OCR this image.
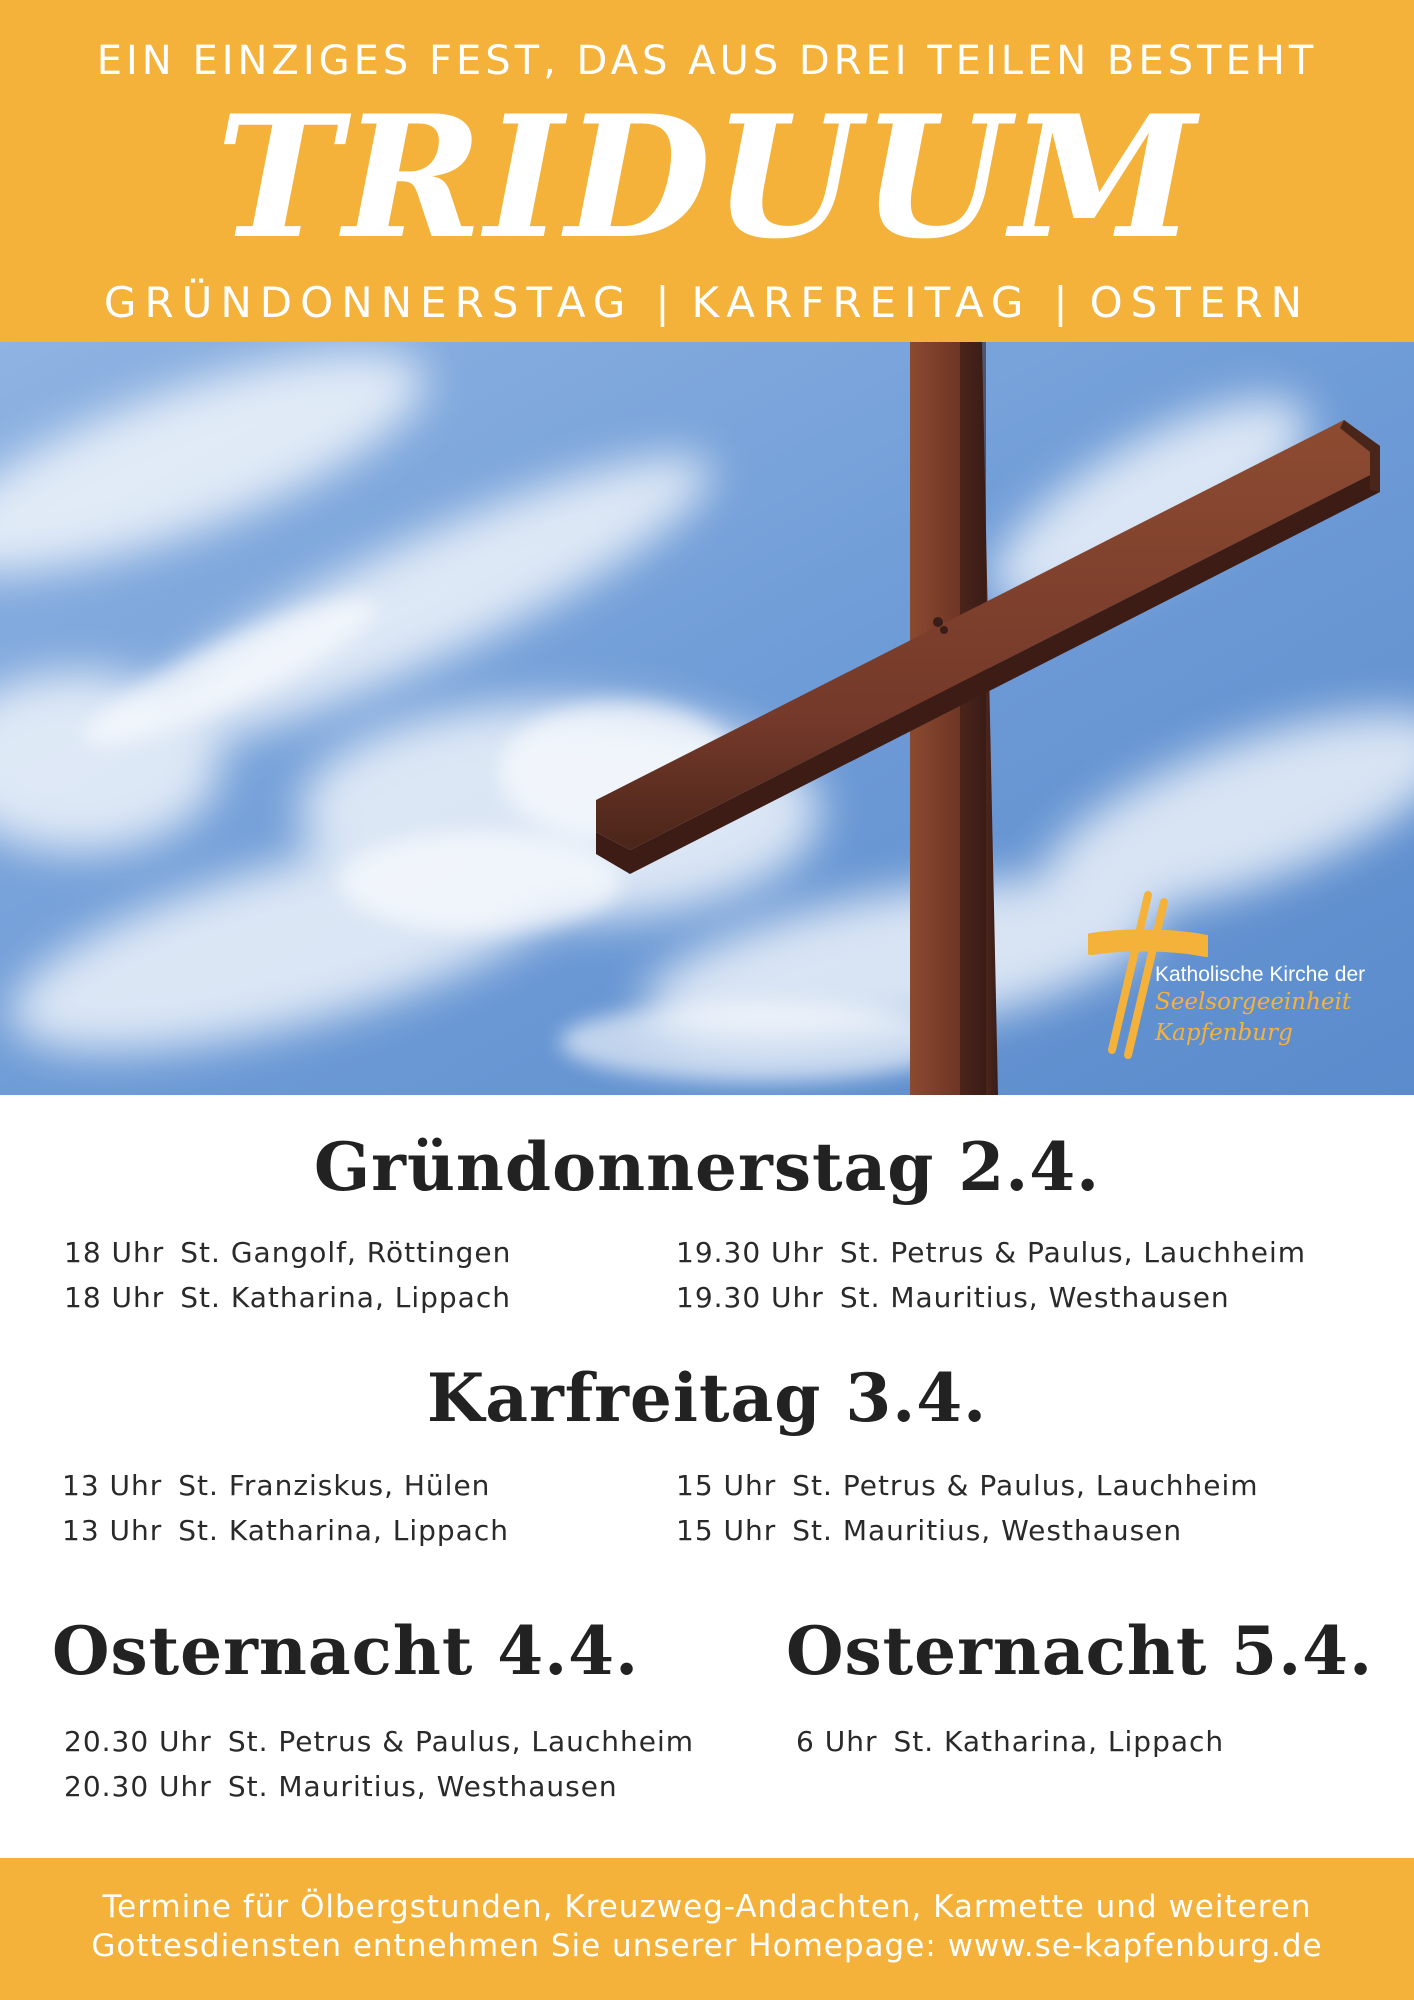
EIN EINZIGES FEST, DAS AUS DREI TEILEN BESTEHT
TRIDUUM
GRÜNDONNERSTAG | KARFREITAG | OSTERN
Katholische Kirche der
Seelsorgeeinheit
Kapfenburg
Gründonnerstag 2.4.
18 Uhr St. Gangolf, Röttingen
18 Uhr St. Katharina, Lippach
19.30 Uhr St. Petrus & Paulus, Lauchheim
19.30 Uhr St. Mauritius, Westhausen
Karfreitag 3.4.
13 Uhr St. Franziskus, Hülen
13 Uhr St. Katharina, Lippach
15 Uhr St. Petrus & Paulus, Lauchheim
15 Uhr St. Mauritius, Westhausen
Osternacht 4.4. Osternacht 5.4.
20.30 Uhr St. Petrus & Paulus, Lauchheim
20.30 Uhr St. Mauritius, Westhausen
6 Uhr St. Katharina, Lippach
Termine für Ölbergstunden, Kreuzweg-Andachten, Karmette und weiteren
Gottesdiensten entnehmen Sie unserer Homepage: www.se-kapfenburg.de
